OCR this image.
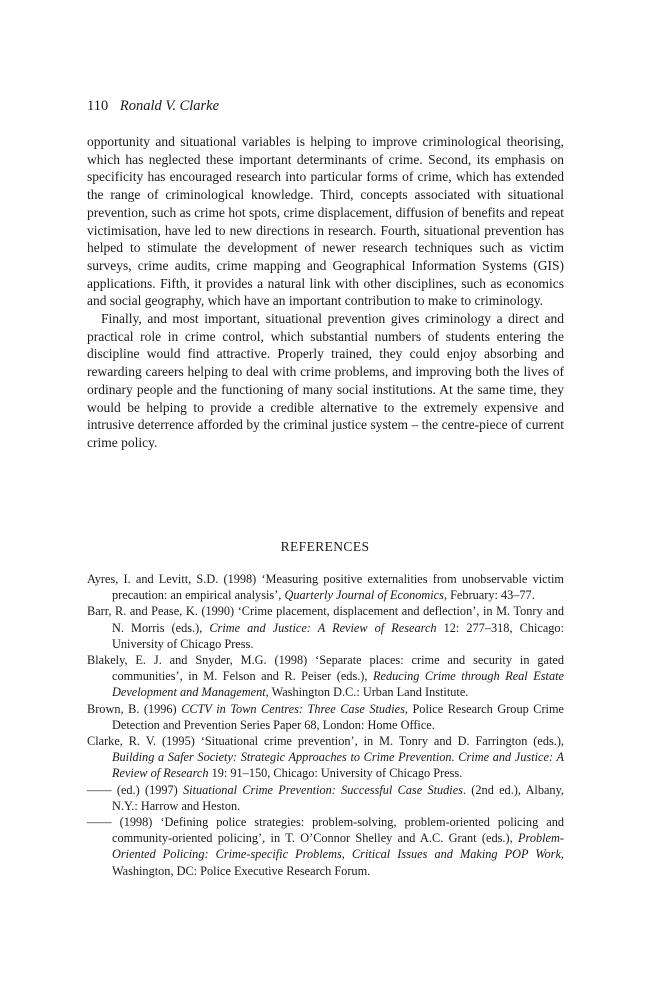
110 Ronald V. Clarke

opportunity and situational variables is helping to improve criminological theorising, which has neglected these important determinants of crime. Second, its emphasis on specificity has encouraged research into particular forms of crime, which has extended the range of criminological knowledge. Third, concepts associated with situational prevention, such as crime hot spots, crime displacement, diffusion of benefits and repeat victimisation, have led to new directions in research. Fourth, situational prevention has helped to stimulate the development of newer research techniques such as victim surveys, crime audits, crime mapping and Geographical Information Systems (GIS) applications. Fifth, it provides a natural link with other disciplines, such as economics and social geography, which have an important contribution to make to criminology.

Finally, and most important, situational prevention gives criminology a direct and practical role in crime control, which substantial numbers of students entering the discipline would find attractive. Properly trained, they could enjoy absorbing and rewarding careers helping to deal with crime problems, and improving both the lives of ordinary people and the functioning of many social institutions. At the same time, they would be helping to provide a credible alternative to the extremely expensive and intrusive deterrence afforded by the criminal justice system – the centre-piece of current crime policy.

REFERENCES

Ayres, I. and Levitt, S.D. (1998) ‘Measuring positive externalities from unobservable victim precaution: an empirical analysis’, Quarterly Journal of Economics, February: 43–77.

Barr, R. and Pease, K. (1990) ‘Crime placement, displacement and deflection’, in M. Tonry and N. Morris (eds.), Crime and Justice: A Review of Research 12: 277–318, Chicago: University of Chicago Press.

Blakely, E. J. and Snyder, M.G. (1998) ‘Separate places: crime and security in gated communities’, in M. Felson and R. Peiser (eds.), Reducing Crime through Real Estate Development and Management, Washington D.C.: Urban Land Institute.

Brown, B. (1996) CCTV in Town Centres: Three Case Studies, Police Research Group Crime Detection and Prevention Series Paper 68, London: Home Office.

Clarke, R. V. (1995) ‘Situational crime prevention’, in M. Tonry and D. Farrington (eds.), Building a Safer Society: Strategic Approaches to Crime Prevention. Crime and Justice: A Review of Research 19: 91–150, Chicago: University of Chicago Press.

—— (ed.) (1997) Situational Crime Prevention: Successful Case Studies. (2nd ed.), Albany, N.Y.: Harrow and Heston.

—— (1998) ‘Defining police strategies: problem-solving, problem-oriented policing and community-oriented policing’, in T. O’Connor Shelley and A.C. Grant (eds.), Problem-Oriented Policing: Crime-specific Problems, Critical Issues and Making POP Work, Washington, DC: Police Executive Research Forum.
